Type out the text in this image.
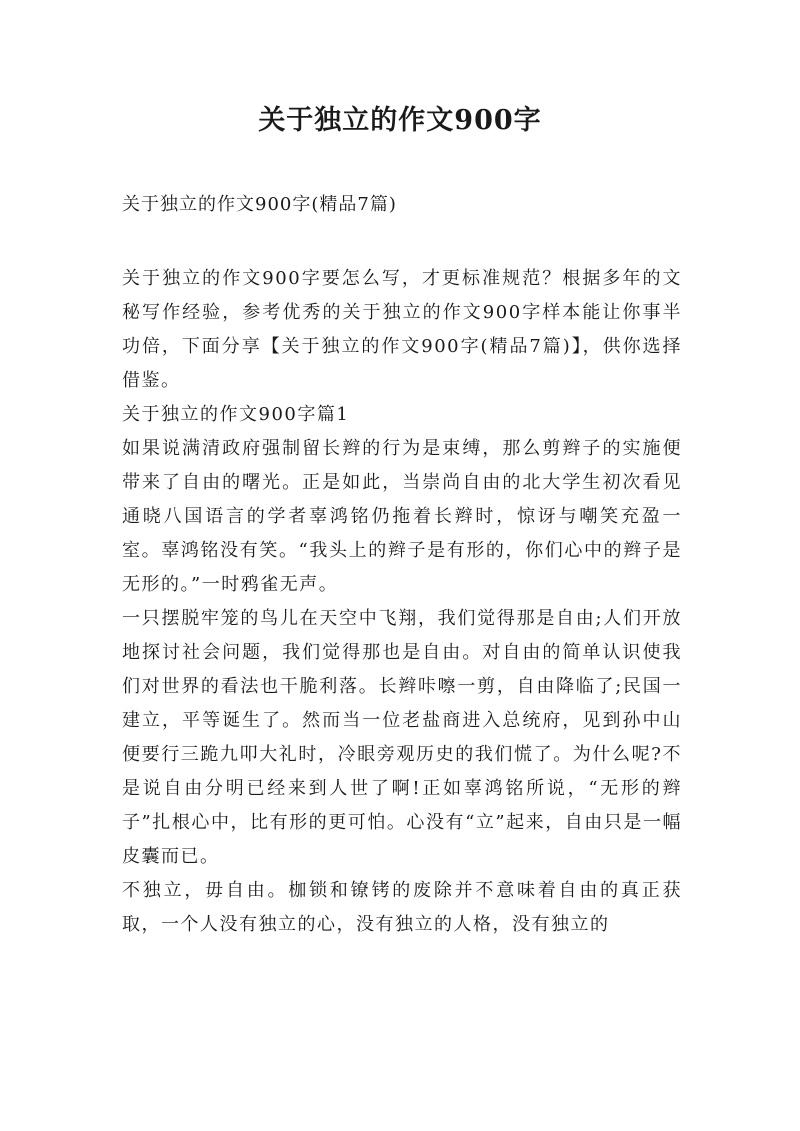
关于独立的作文900字
关于独立的作文900字(精品7篇)

关于独立的作文900字要怎么写，才更标准规范？根据多年的文秘写作经验，参考优秀的关于独立的作文900字样本能让你事半功倍，下面分享【关于独立的作文900字(精品7篇)】，供你选择借鉴。

关于独立的作文900字篇1

如果说满清政府强制留长辫的行为是束缚，那么剪辫子的实施便带来了自由的曙光。正是如此，当崇尚自由的北大学生初次看见通晓八国语言的学者辜鸿铭仍拖着长辫时，惊讶与嘲笑充盈一室。辜鸿铭没有笑。“我头上的辫子是有形的，你们心中的辫子是无形的。”一时鸦雀无声。

一只摆脱牢笼的鸟儿在天空中飞翔，我们觉得那是自由;人们开放地探讨社会问题，我们觉得那也是自由。对自由的简单认识使我们对世界的看法也干脆利落。长辫咔嚓一剪，自由降临了;民国一建立，平等诞生了。然而当一位老盐商进入总统府，见到孙中山便要行三跪九叩大礼时，冷眼旁观历史的我们慌了。为什么呢?不是说自由分明已经来到人世了啊!正如辜鸿铭所说，“无形的辫子”扎根心中，比有形的更可怕。心没有“立”起来，自由只是一幅皮囊而已。

不独立，毋自由。枷锁和镣铐的废除并不意味着自由的真正获取，一个人没有独立的心，没有独立的人格，没有独立的
